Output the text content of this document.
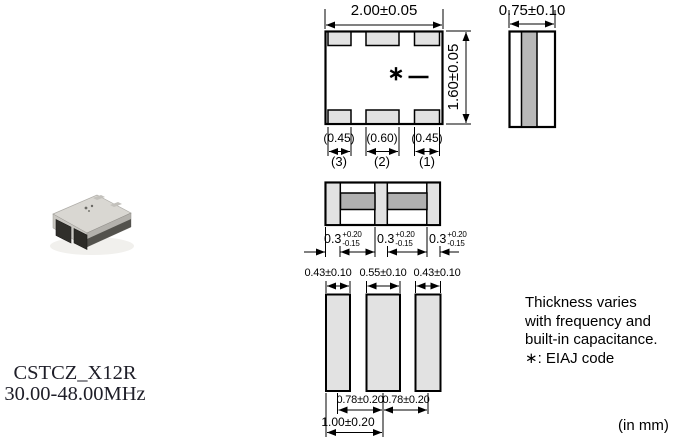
2.00±0.05
1.60±0.05
0.75±0.10
∗
(0.45) (0.60) (0.45)
(3) (2) (1)
0.3 +0.20
-0.15 0.3 +0.20
-0.15 0.3 +0.20
-0.15
0.43±0.10 0.55±0.10 0.43±0.10
0.78±0.20
0.78±0.20
1.00±0.20
Thickness varies
with frequency and
built-in capacitance.
∗: EIAJ code
(in mm)
CSTCZ_X12R
30.00-48.00MHz
